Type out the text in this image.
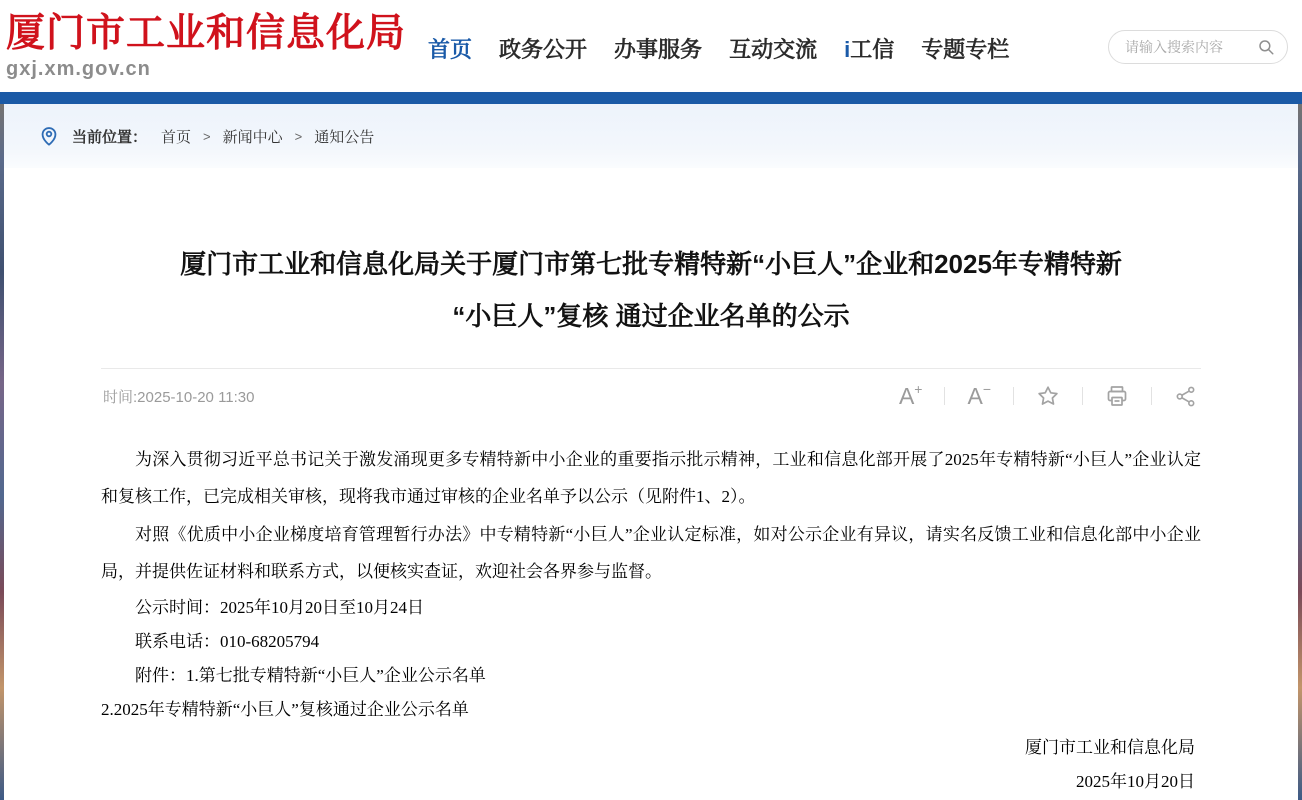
厦门市工业和信息化局
gxj.xm.gov.cn
首页 政务公开 办事服务 互动交流 i工信 专题专栏
请输入搜索内容
当前位置： 首页 > 新闻中心 > 通知公告
厦门市工业和信息化局关于厦门市第七批专精特新“小巨人”企业和2025年专精特新
“小巨人”复核 通过企业名单的公示
时间:2025-10-20 11:30	A + A −

为深入贯彻习近平总书记关于激发涌现更多专精特新中小企业的重要指示批示精神，工业和信息化部开展了2025年专精特新“小巨人”企业认定和复核工作，已完成相关审核，现将我市通过审核的企业名单予以公示（见附件1、2）。

对照《优质中小企业梯度培育管理暂行办法》中专精特新“小巨人”企业认定标准，如对公示企业有异议，请实名反馈工业和信息化部中小企业局，并提供佐证材料和联系方式，以便核实查证，欢迎社会各界参与监督。

公示时间：2025年10月20日至10月24日

联系电话：010-68205794

附件：1.第七批专精特新“小巨人”企业公示名单

2.2025年专精特新“小巨人”复核通过企业公示名单

厦门市工业和信息化局

2025年10月20日
